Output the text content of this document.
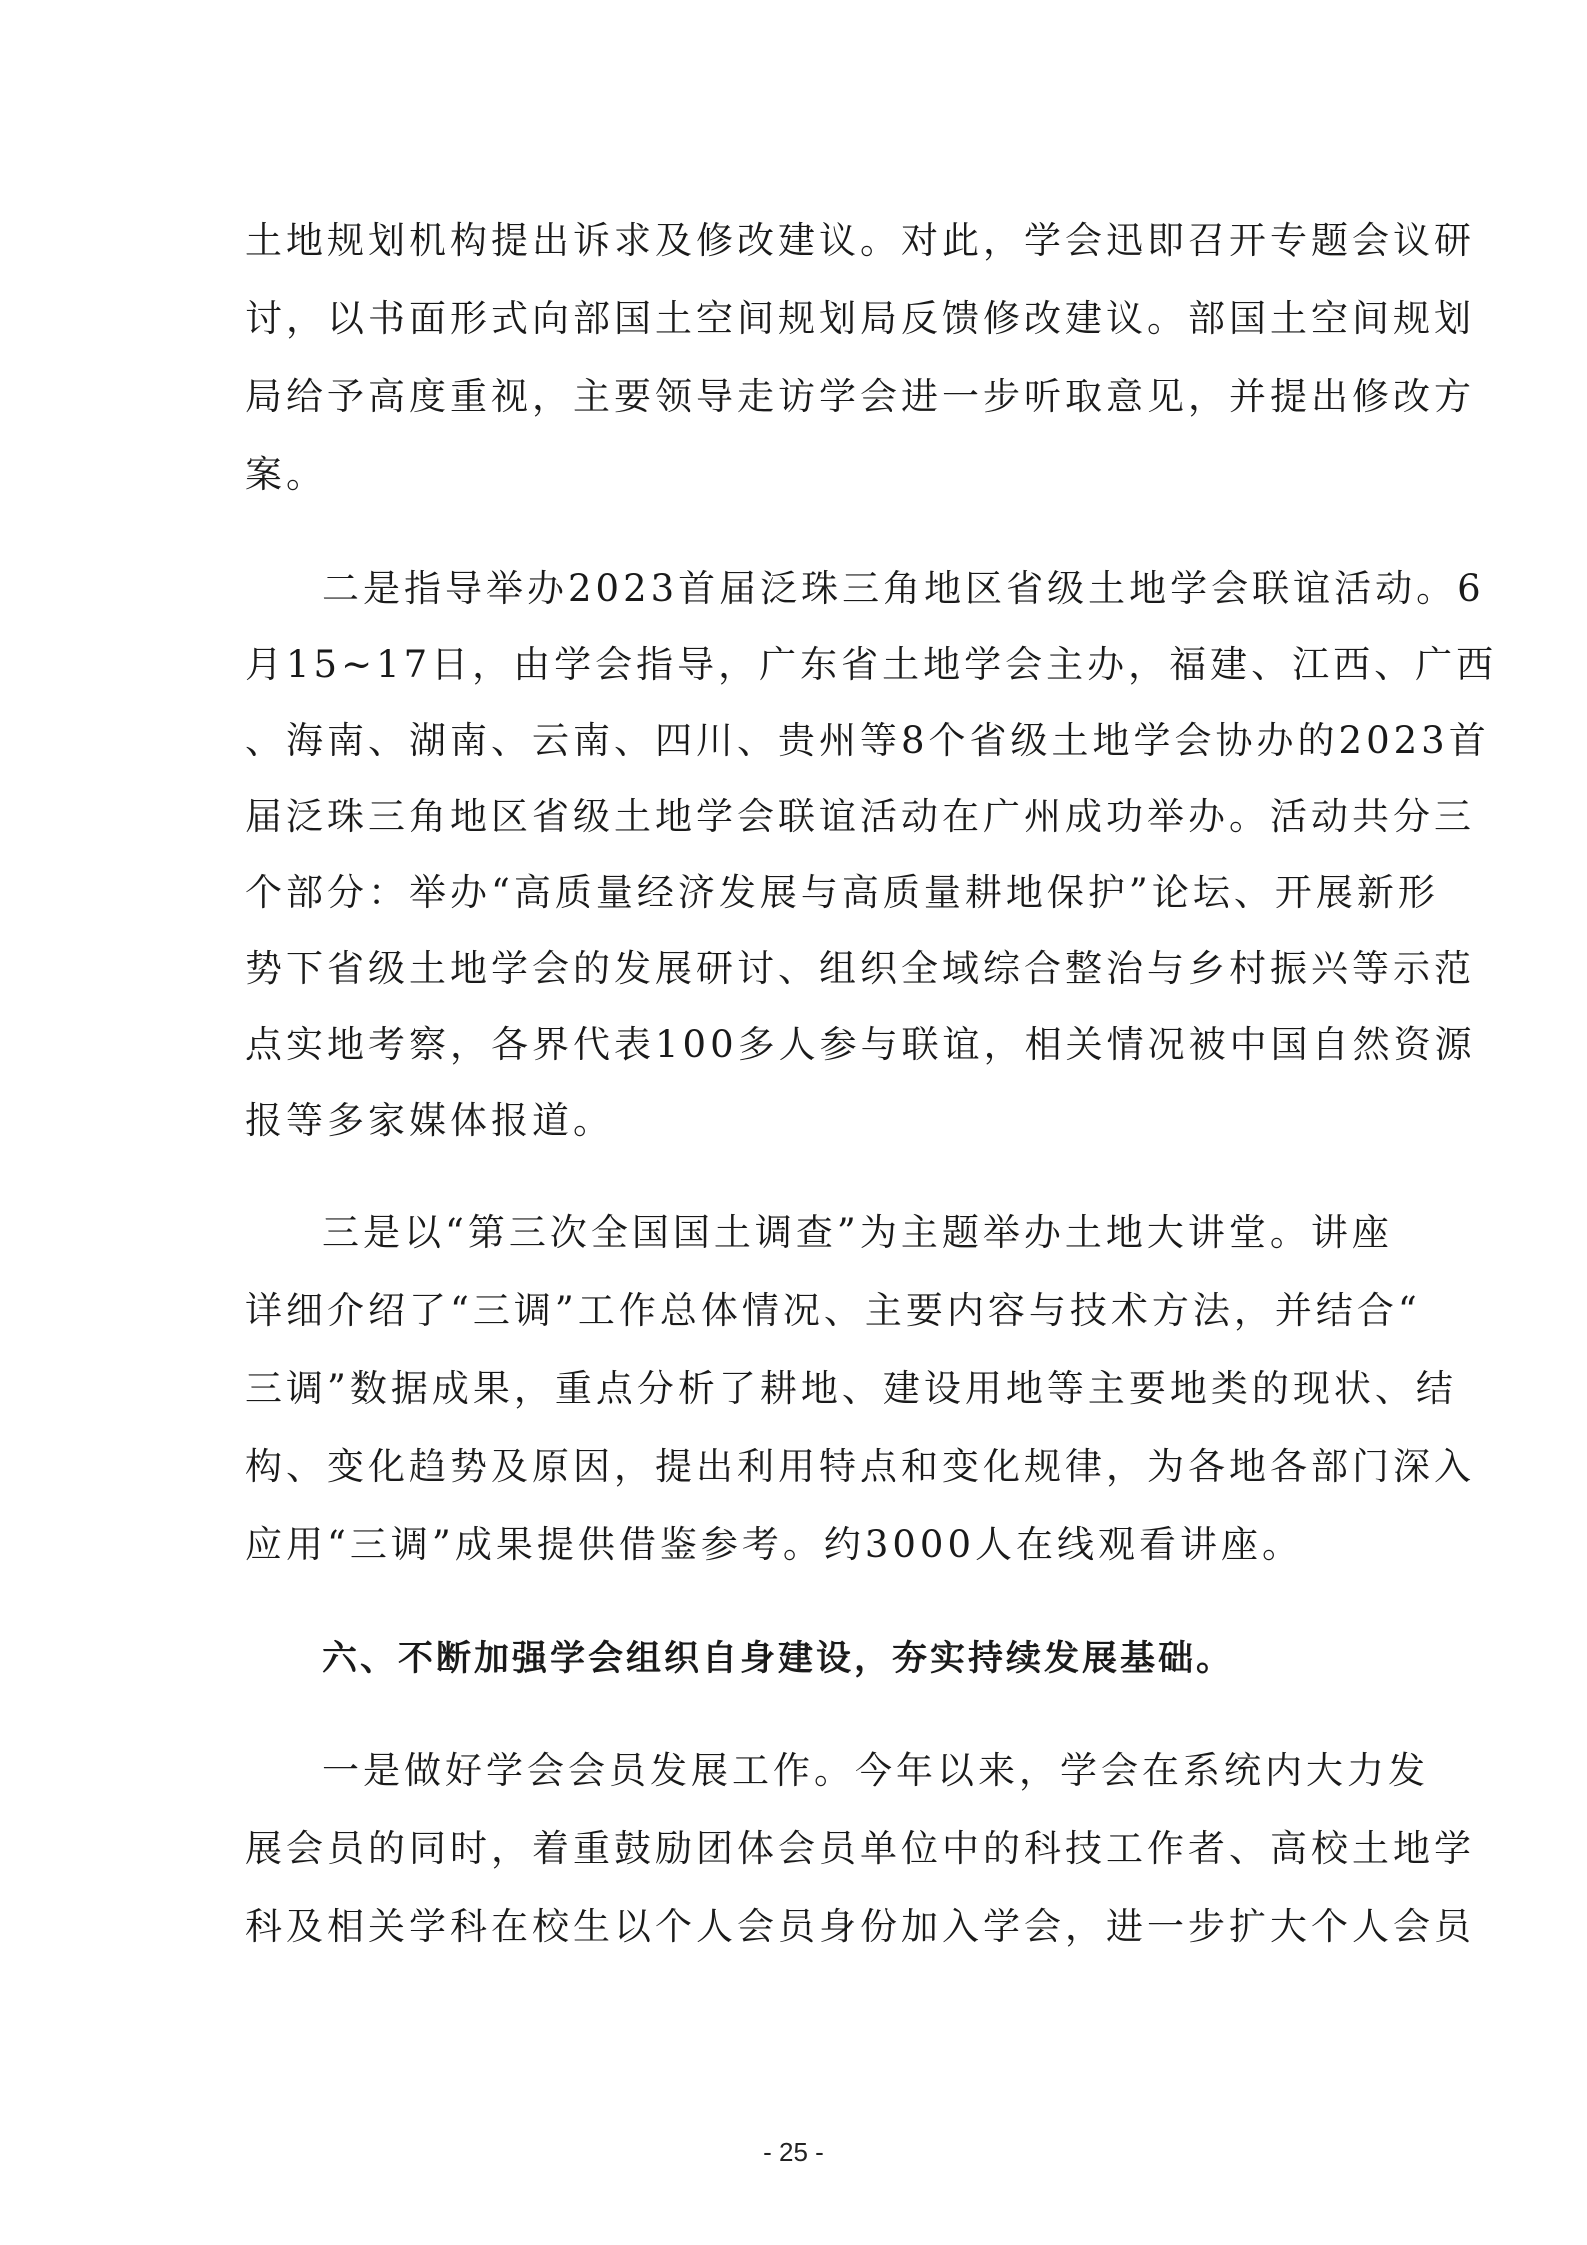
土地规划机构提出诉求及修改建议。对此，学会迅即召开专题会议研
讨，以书面形式向部国土空间规划局反馈修改建议。部国土空间规划
局给予高度重视，主要领导走访学会进一步听取意见，并提出修改方
案。
二是指导举办2023首届泛珠三角地区省级土地学会联谊活动。6
月15~17日，由学会指导，广东省土地学会主办，福建、江西、广西
、海南、湖南、云南、四川、贵州等8个省级土地学会协办的2023首
届泛珠三角地区省级土地学会联谊活动在广州成功举办。活动共分三
个部分：举办“高质量经济发展与高质量耕地保护”论坛、开展新形
势下省级土地学会的发展研讨、组织全域综合整治与乡村振兴等示范
点实地考察，各界代表100多人参与联谊，相关情况被中国自然资源
报等多家媒体报道。
三是以“第三次全国国土调查”为主题举办土地大讲堂。讲座
详细介绍了“三调”工作总体情况、主要内容与技术方法，并结合“
三调”数据成果，重点分析了耕地、建设用地等主要地类的现状、结
构、变化趋势及原因，提出利用特点和变化规律，为各地各部门深入
应用“三调”成果提供借鉴参考。约3000人在线观看讲座。
六、不断加强学会组织自身建设，夯实持续发展基础。
一是做好学会会员发展工作。今年以来，学会在系统内大力发
展会员的同时，着重鼓励团体会员单位中的科技工作者、高校土地学
科及相关学科在校生以个人会员身份加入学会，进一步扩大个人会员
- 25 -
